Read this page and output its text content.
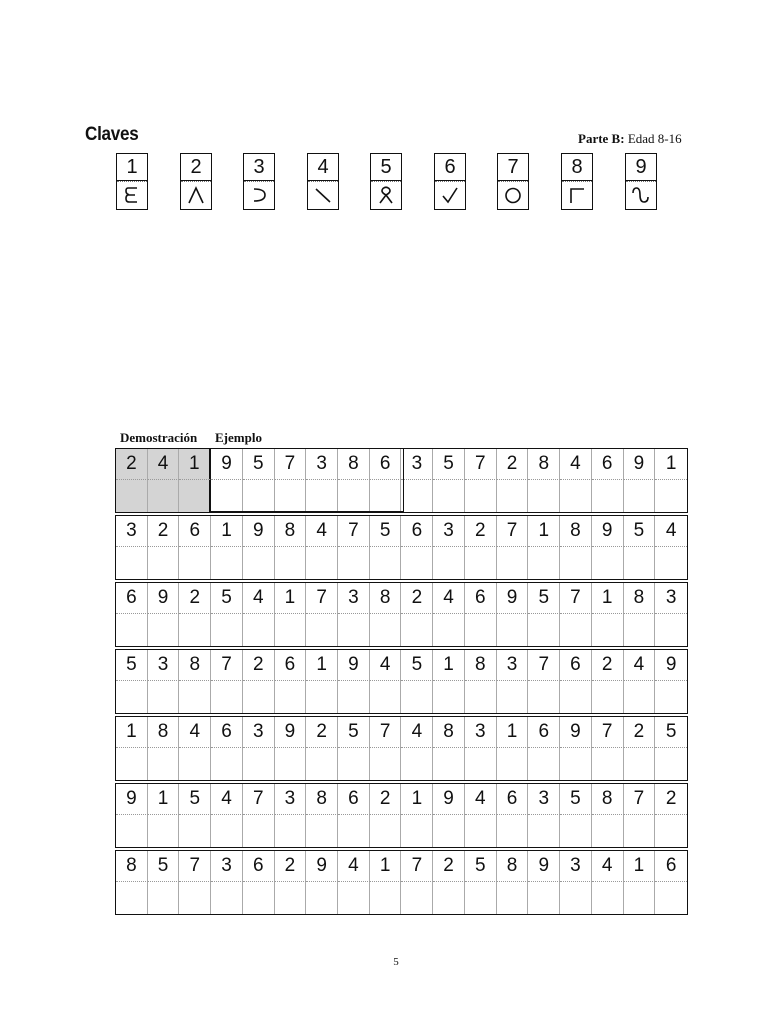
Claves	Parte B: Edad 8-16
1	2	3	4	5	6	7	8	9
Demostración Ejemplo
2	4	1	9	5	7	3	8	6	3	5	7	2	8	4	6	9	1
3	2	6	1	9	8	4	7	5	6	3	2	7	1	8	9	5	4
6	9	2	5	4	1	7	3	8	2	4	6	9	5	7	1	8	3
5	3	8	7	2	6	1	9	4	5	1	8	3	7	6	2	4	9
1	8	4	6	3	9	2	5	7	4	8	3	1	6	9	7	2	5
9	1	5	4	7	3	8	6	2	1	9	4	6	3	5	8	7	2
8	5	7	3	6	2	9	4	1	7	2	5	8	9	3	4	1	6
5
